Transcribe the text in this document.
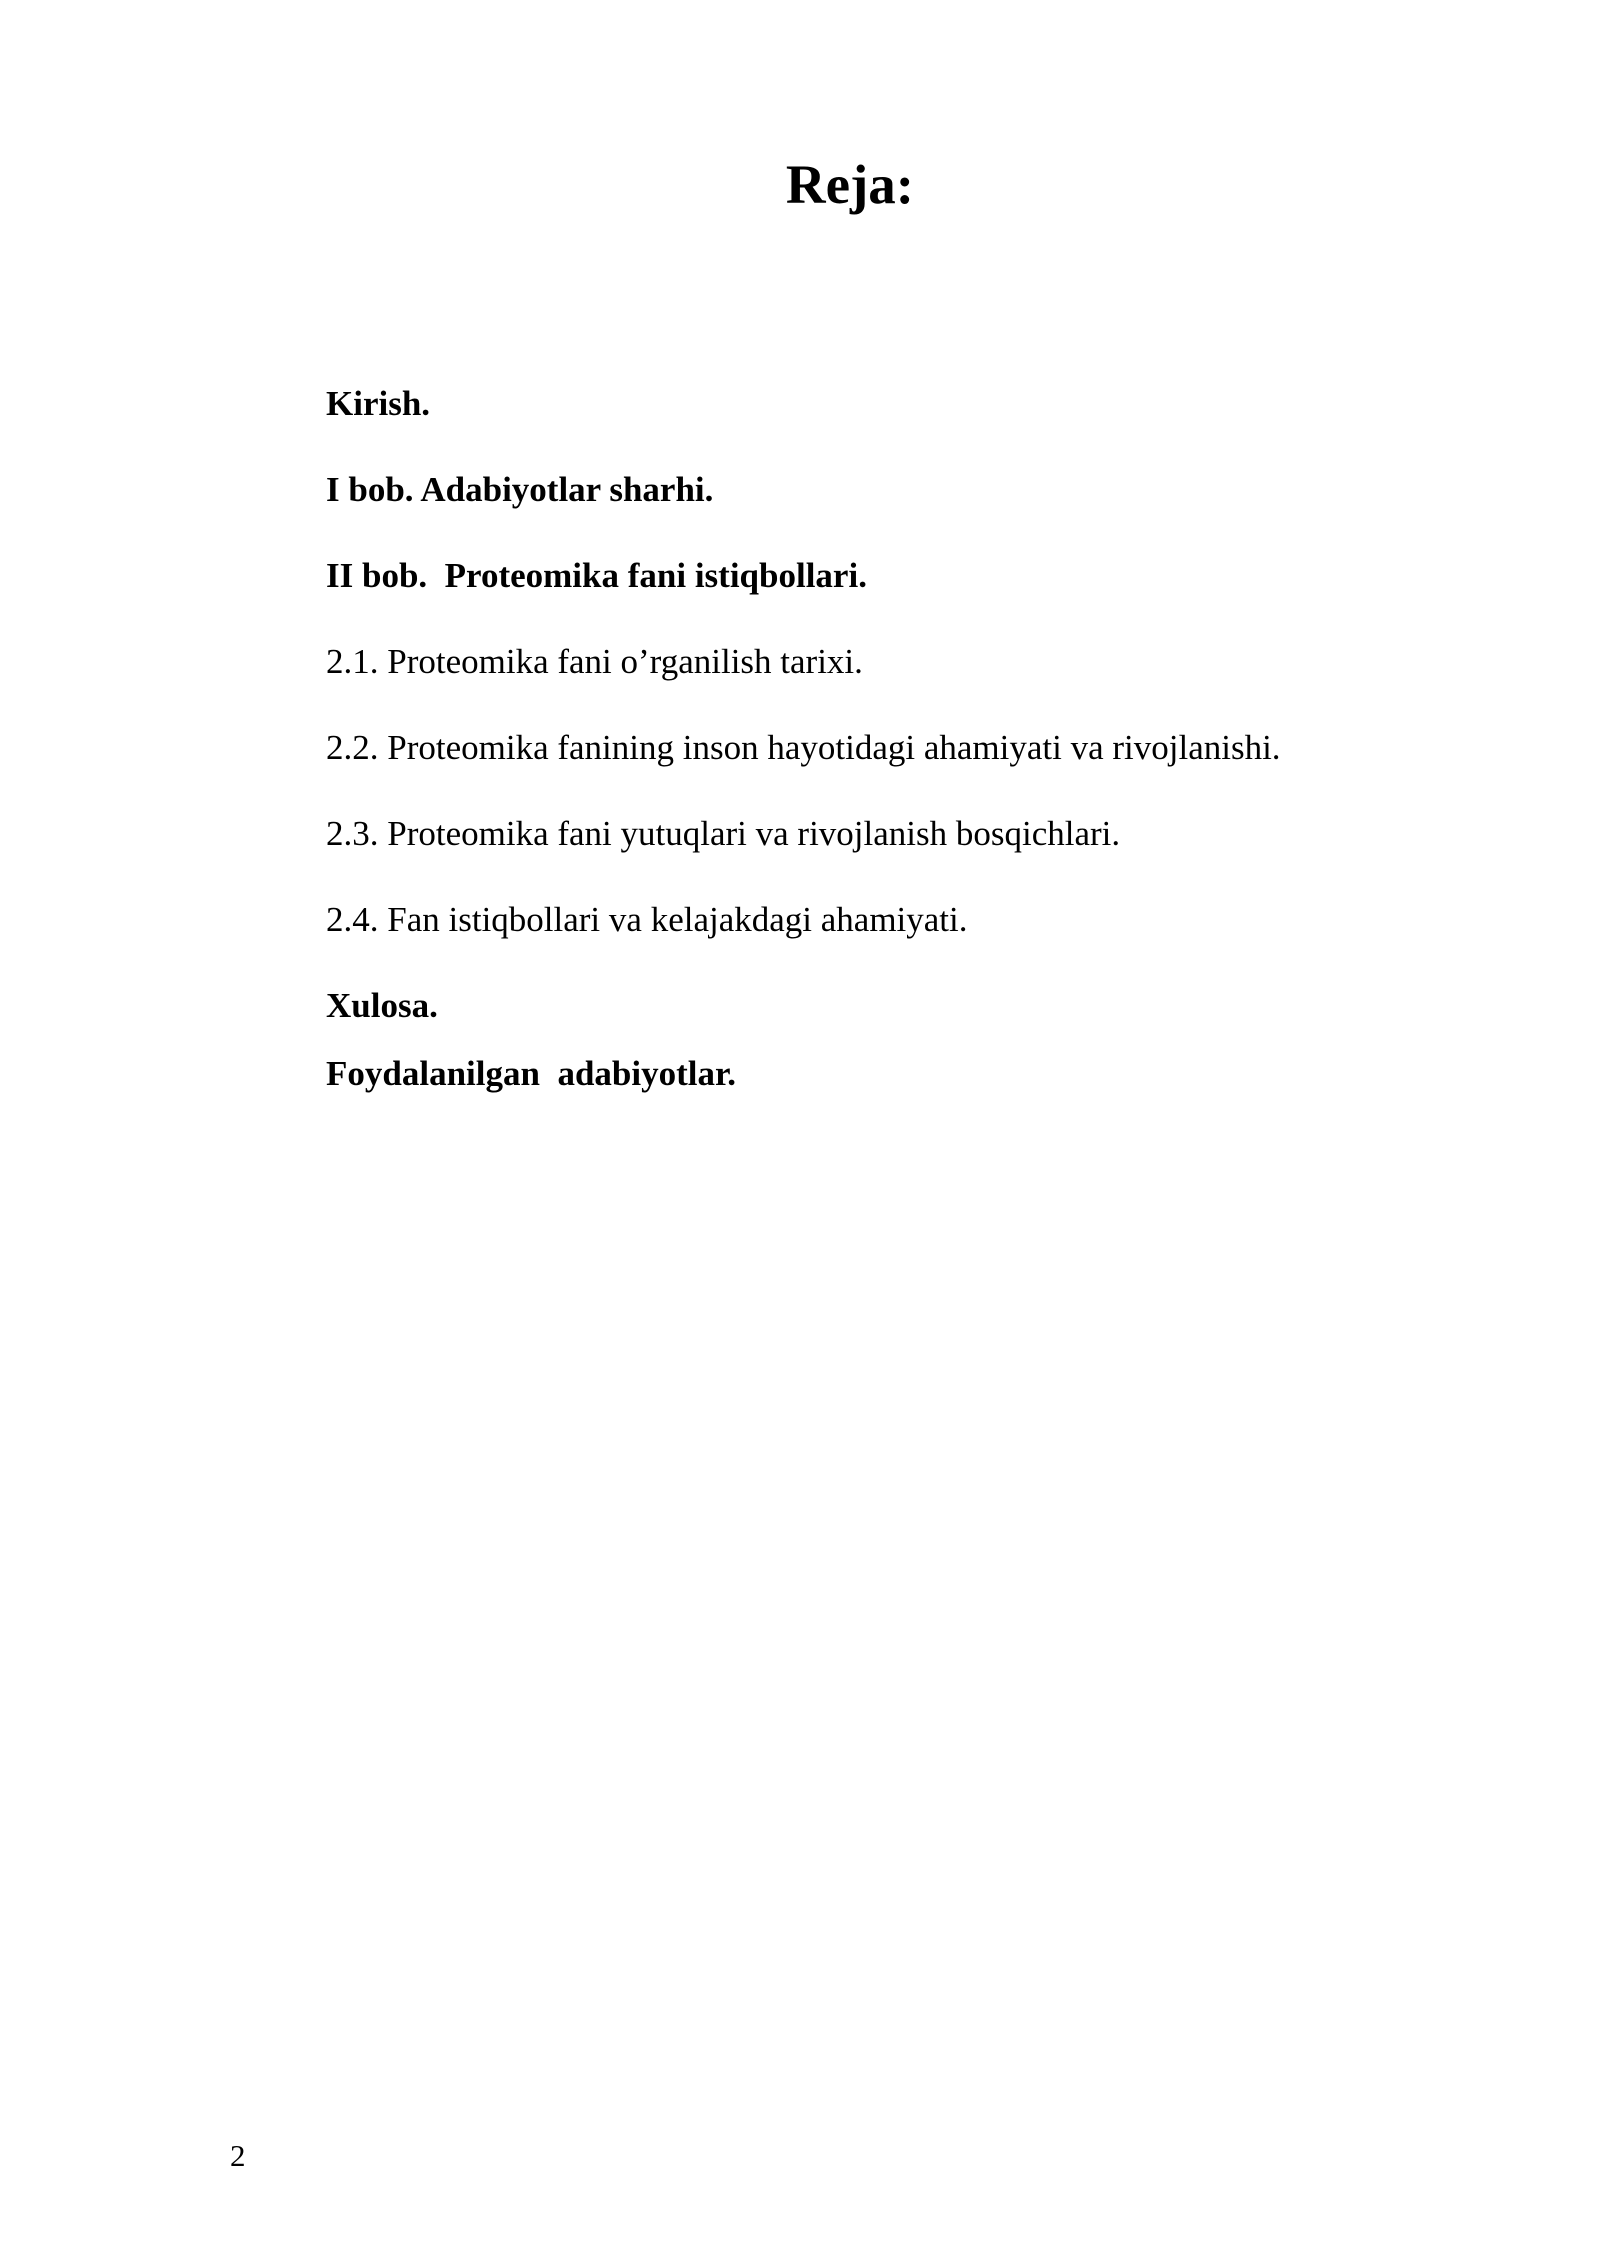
Reja:
Kirish.
I bob. Adabiyotlar sharhi.
II bob.  Proteomika fani istiqbollari.
2.1. Proteomika fani o’rganilish tarixi.
2.2. Proteomika fanining inson hayotidagi ahamiyati va rivojlanishi.
2.3. Proteomika fani yutuqlari va rivojlanish bosqichlari.
2.4. Fan istiqbollari va kelajakdagi ahamiyati.
Xulosa.
Foydalanilgan  adabiyotlar.
2
